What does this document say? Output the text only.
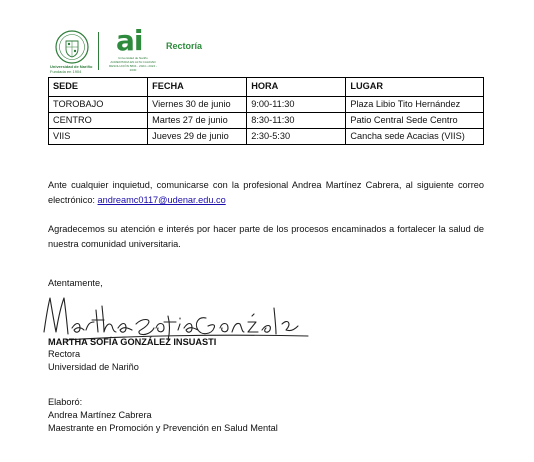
Universidad de Nariño
Fundada en 1904
ai
Universidad de Nariño
ACREDITADA EN ALTA CALIDAD
RESOLUCIÓN 5834 - 2024 • 2024 - 2030
Rectoría
SEDE	FECHA	HORA	LUGAR
TOROBAJO	Viernes 30 de junio	9:00-11:30	Plaza Libio Tito Hernández
CENTRO	Martes 27 de junio	8:30-11:30	Patio Central Sede Centro
VIIS	Jueves 29 de junio	2:30-5:30	Cancha sede Acacias (VIIS)
Ante cualquier inquietud, comunicarse con la profesional Andrea Martínez Cabrera, al siguiente correo electrónico: andreamc0117@udenar.edu.co
Agradecemos su atención e interés por hacer parte de los procesos encaminados a fortalecer la salud de nuestra comunidad universitaria.
Atentamente,
MARTHA SOFÍA GONZÁLEZ INSUASTI
Rectora
Universidad de Nariño
Elaboró:
Andrea Martínez Cabrera
Maestrante en Promoción y Prevención en Salud Mental
